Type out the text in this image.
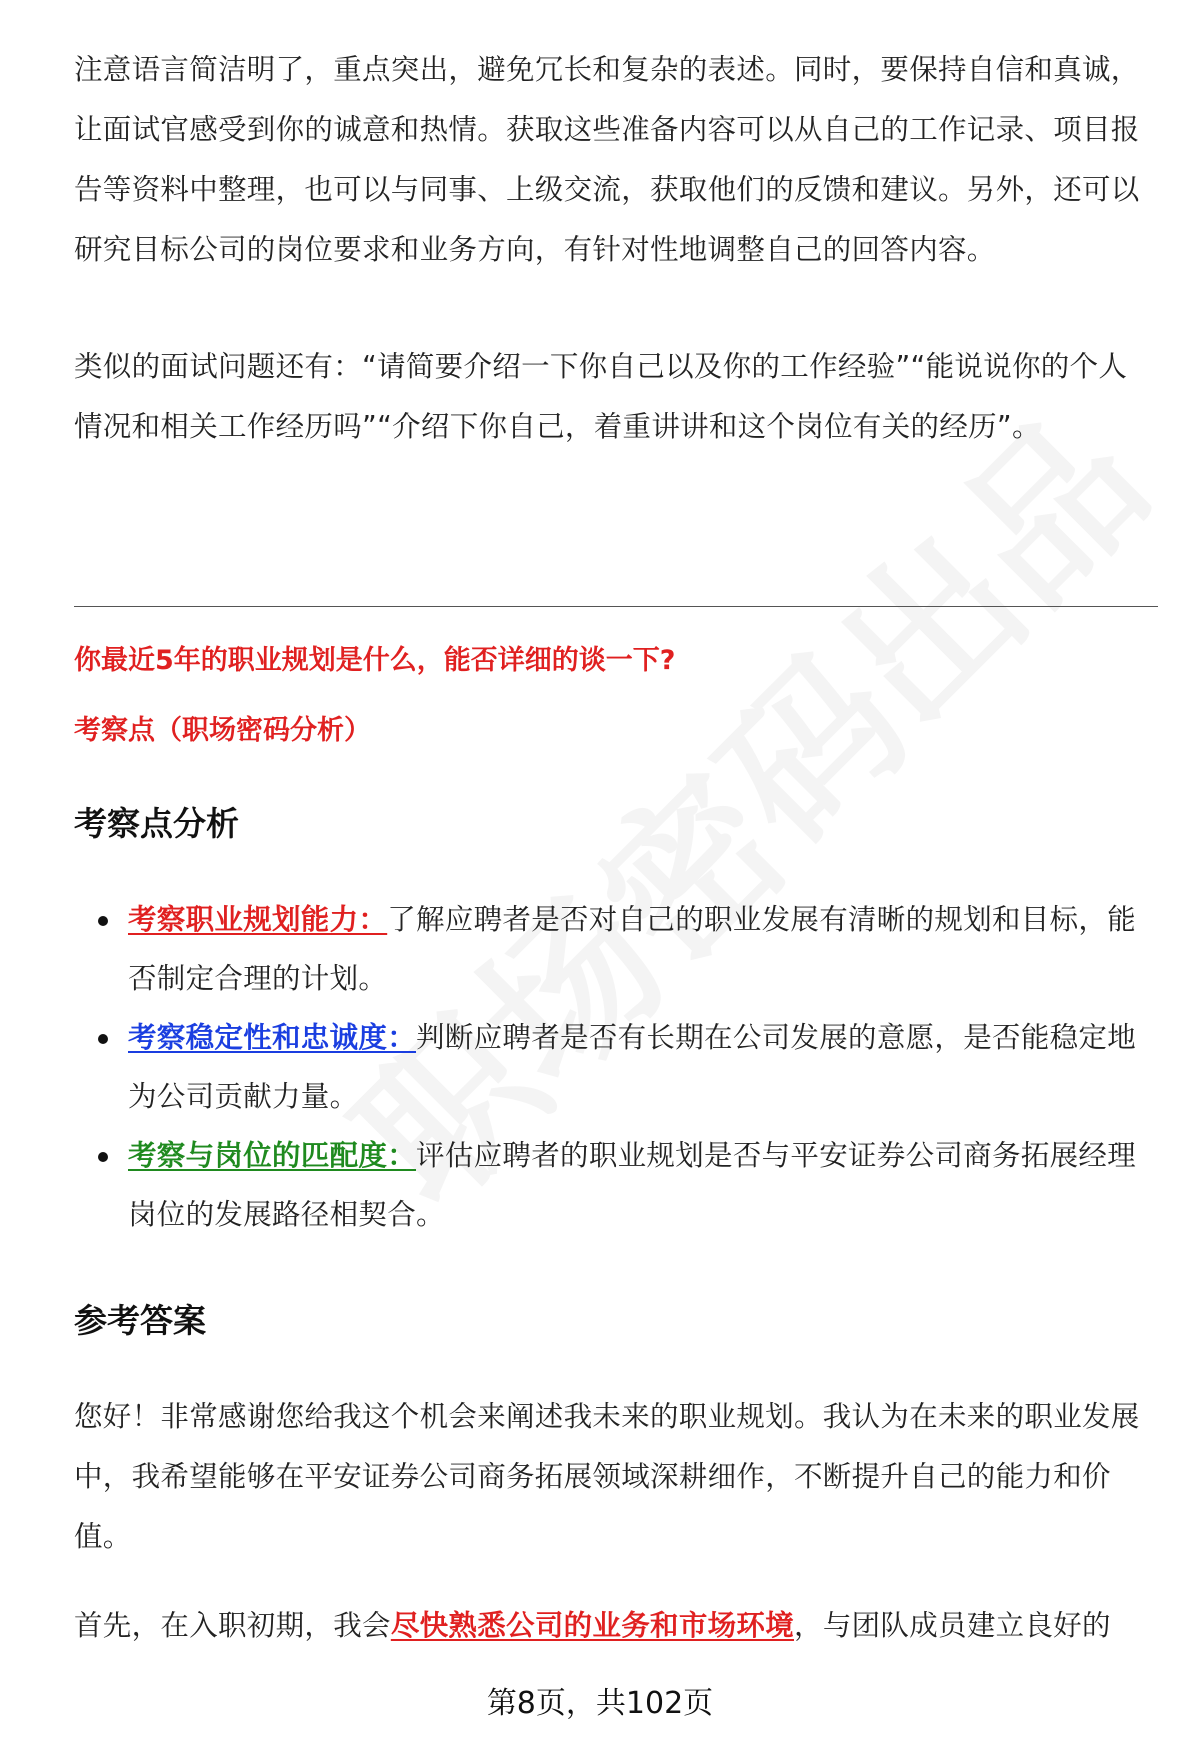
注意语言简洁明了，重点突出，避免冗长和复杂的表述。同时，要保持自信和真诚，让面试官感受到你的诚意和热情。获取这些准备内容可以从自己的工作记录、项目报告等资料中整理，也可以与同事、上级交流，获取他们的反馈和建议。另外，还可以研究目标公司的岗位要求和业务方向，有针对性地调整自己的回答内容。

类似的面试问题还有：“请简要介绍一下你自己以及你的工作经验”“能说说你的个人情况和相关工作经历吗”“介绍下你自己，着重讲讲和这个岗位有关的经历”。

你最近5年的职业规划是什么，能否详细的谈一下?

考察点（职场密码分析）

考察点分析
考察职业规划能力：了解应聘者是否对自己的职业发展有清晰的规划和目标，能否制定合理的计划。
考察稳定性和忠诚度：判断应聘者是否有长期在公司发展的意愿，是否能稳定地为公司贡献力量。
考察与岗位的匹配度：评估应聘者的职业规划是否与平安证券公司商务拓展经理岗位的发展路径相契合。
参考答案

您好！非常感谢您给我这个机会来阐述我未来的职业规划。我认为在未来的职业发展中，我希望能够在平安证券公司商务拓展领域深耕细作，不断提升自己的能力和价值。

首先，在入职初期，我会尽快熟悉公司的业务和市场环境，与团队成员建立良好的

第8页，共102页
